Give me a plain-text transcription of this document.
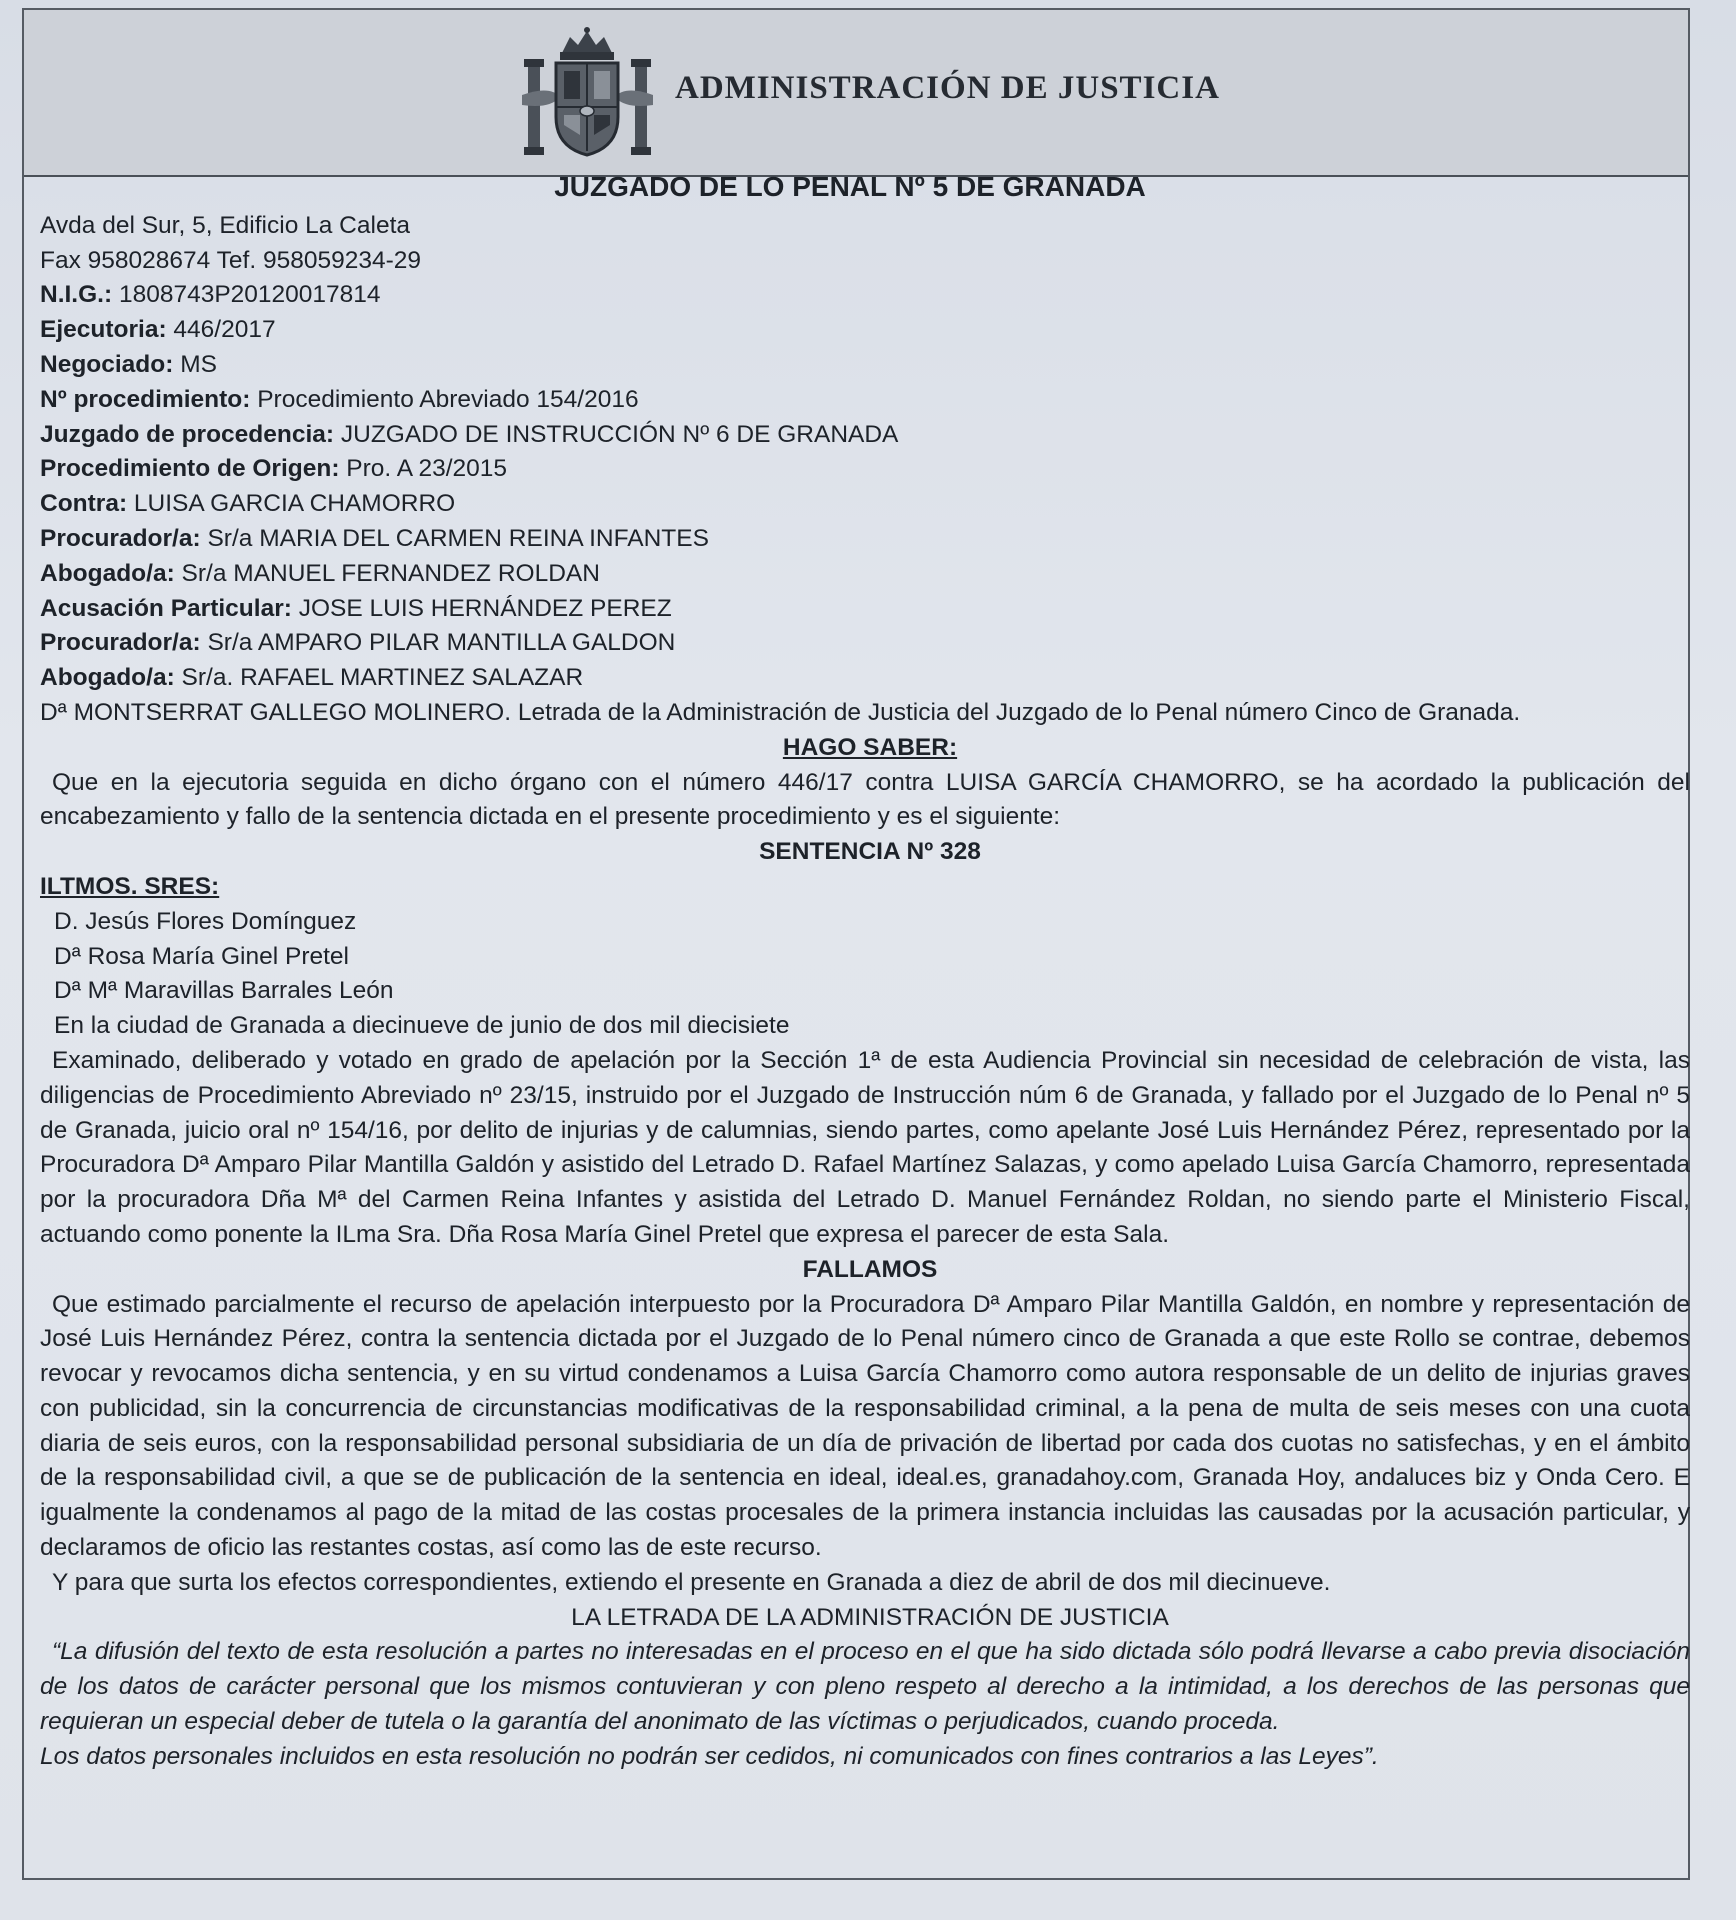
ADMINISTRACIÓN DE JUSTICIA
JUZGADO DE LO PENAL Nº 5 DE GRANADA
Avda del Sur, 5, Edificio La Caleta
Fax 958028674 Tef. 958059234-29
N.I.G.: 1808743P20120017814
Ejecutoria: 446/2017
Negociado: MS
Nº procedimiento: Procedimiento Abreviado 154/2016
Juzgado de procedencia: JUZGADO DE INSTRUCCIÓN Nº 6 DE GRANADA
Procedimiento de Origen: Pro. A 23/2015
Contra: LUISA GARCIA CHAMORRO
Procurador/a: Sr/a MARIA DEL CARMEN REINA INFANTES
Abogado/a: Sr/a MANUEL FERNANDEZ ROLDAN
Acusación Particular: JOSE LUIS HERNÁNDEZ PEREZ
Procurador/a: Sr/a AMPARO PILAR MANTILLA GALDON
Abogado/a: Sr/a. RAFAEL MARTINEZ SALAZAR
Dª MONTSERRAT GALLEGO MOLINERO. Letrada de la Administración de Justicia del Juzgado de lo Penal número Cinco de Granada.
HAGO SABER:
Que en la ejecutoria seguida en dicho órgano con el número 446/17 contra LUISA GARCÍA CHAMORRO, se ha acordado la publicación del encabezamiento y fallo de la sentencia dictada en el presente procedimiento y es el siguiente:
SENTENCIA Nº 328
ILTMOS. SRES:
D. Jesús Flores Domínguez
Dª Rosa María Ginel Pretel
Dª Mª Maravillas Barrales León
En la ciudad de Granada a diecinueve de junio de dos mil diecisiete
Examinado, deliberado y votado en grado de apelación por la Sección 1ª de esta Audiencia Provincial sin necesidad de celebración de vista, las diligencias de Procedimiento Abreviado nº 23/15, instruido por el Juzgado de Instrucción núm 6 de Granada, y fallado por el Juzgado de lo Penal nº 5 de Granada, juicio oral nº 154/16, por delito de injurias y de calumnias, siendo partes, como apelante José Luis Hernández Pérez, representado por la Procuradora Dª Amparo Pilar Mantilla Galdón y asistido del Letrado D. Rafael Martínez Salazas, y como apelado Luisa García Chamorro, representada por la procuradora Dña Mª del Carmen Reina Infantes y asistida del Letrado D. Manuel Fernández Roldan, no siendo parte el Ministerio Fiscal, actuando como ponente la ILma Sra. Dña Rosa María Ginel Pretel que expresa el parecer de esta Sala.
FALLAMOS
Que estimado parcialmente el recurso de apelación interpuesto por la Procuradora Dª Amparo Pilar Mantilla Galdón, en nombre y representación de José Luis Hernández Pérez, contra la sentencia dictada por el Juzgado de lo Penal número cinco de Granada a que este Rollo se contrae, debemos revocar y revocamos dicha sentencia, y en su virtud condenamos a Luisa García Chamorro como autora responsable de un delito de injurias graves con publicidad, sin la concurrencia de circunstancias modificativas de la responsabilidad criminal, a la pena de multa de seis meses con una cuota diaria de seis euros, con la responsabilidad personal subsidiaria de un día de privación de libertad por cada dos cuotas no satisfechas, y en el ámbito de la responsabilidad civil, a que se de publicación de la sentencia en ideal, ideal.es, granadahoy.com, Granada Hoy, andaluces biz y Onda Cero. E igualmente la condenamos al pago de la mitad de las costas procesales de la primera instancia incluidas las causadas por la acusación particular, y declaramos de oficio las restantes costas, así como las de este recurso.
Y para que surta los efectos correspondientes, extiendo el presente en Granada a diez de abril de dos mil diecinueve.
LA LETRADA DE LA ADMINISTRACIÓN DE JUSTICIA
“La difusión del texto de esta resolución a partes no interesadas en el proceso en el que ha sido dictada sólo podrá llevarse a cabo previa disociación de los datos de carácter personal que los mismos contuvieran y con pleno respeto al derecho a la intimidad, a los derechos de las personas que requieran un especial deber de tutela o la garantía del anonimato de las víctimas o perjudicados, cuando proceda.
Los datos personales incluidos en esta resolución no podrán ser cedidos, ni comunicados con fines contrarios a las Leyes”.
